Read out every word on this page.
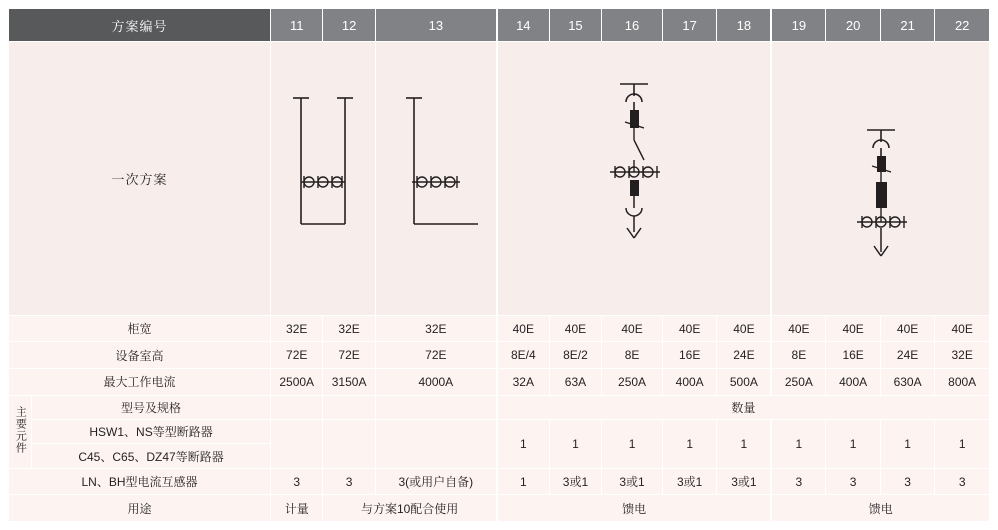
方案编号		11	12	13	14	15	16	17	18	19	20	21	22
一次方案	

柜宽		32E	32E	32E	40E	40E	40E	40E	40E	40E	40E	40E	40E
设备室高		72E	72E	72E	8E/4	8E/2	8E	16E	24E	8E	16E	24E	32E
最大工作电流		2500A	3150A	4000A	32A	63A	250A	400A	500A	250A	400A	630A	800A
主要元件	型号及规格				数量								
	HSW1、NS等型断路器				1	1	1	1	1	1	1	1	1
	C45、C65、DZ47等断路器												
LN、BH型电流互感器		3	3	3(或用户自备)	1	3或1	3或1	3或1	3或1	3	3	3	3
用途		计量	与方案10配合使用		馈电					馈电			
